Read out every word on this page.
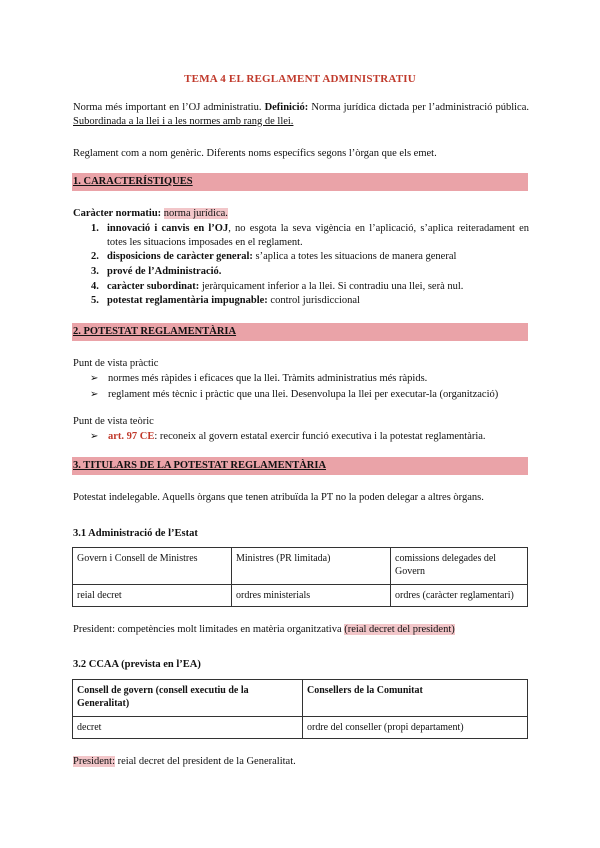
TEMA 4 EL REGLAMENT ADMINISTRATIU
Norma més important en l’OJ administratiu. Definició: Norma jurídica dictada per l’administració pública. Subordinada a la llei i a les normes amb rang de llei.
Reglament com a nom genèric. Diferents noms específics segons l’òrgan que els emet.
1. CARACTERÍSTIQUES
Caràcter normatiu: norma jurídica.
1. innovació i canvis en l’OJ, no esgota la seva vigència en l’aplicació, s’aplica reiteradament en totes les situacions imposades en el reglament.
2. disposicions de caràcter general: s’aplica a totes les situacions de manera general
3. prové de l’Administració.
4. caràcter subordinat: jeràrquicament inferior a la llei. Si contradiu una llei, serà nul.
5. potestat reglamentària impugnable: control jurisdiccional
2. POTESTAT REGLAMENTÀRIA
Punt de vista pràctic
➢ normes més ràpides i eficaces que la llei. Tràmits administratius més ràpids.
➢ reglament més tècnic i pràctic que una llei. Desenvolupa la llei per executar-la (organització)
Punt de vista teòric
➢ art. 97 CE: reconeix al govern estatal exercir funció executiva i la potestat reglamentària.
3. TITULARS DE LA POTESTAT REGLAMENTÀRIA
Potestat indelegable. Aquells òrgans que tenen atribuïda la PT no la poden delegar a altres òrgans.
3.1 Administració de l’Estat
Govern i Consell de Ministres	Ministres (PR limitada)	comissions delegades del Govern
reial decret	ordres ministerials	ordres (caràcter reglamentari)
President: competències molt limitades en matèria organitzativa (reial decret del president)
3.2 CCAA (prevista en l’EA)
Consell de govern (consell executiu de la Generalitat)	Consellers de la Comunitat
decret	ordre del conseller (propi departament)
President: reial decret del president de la Generalitat.
